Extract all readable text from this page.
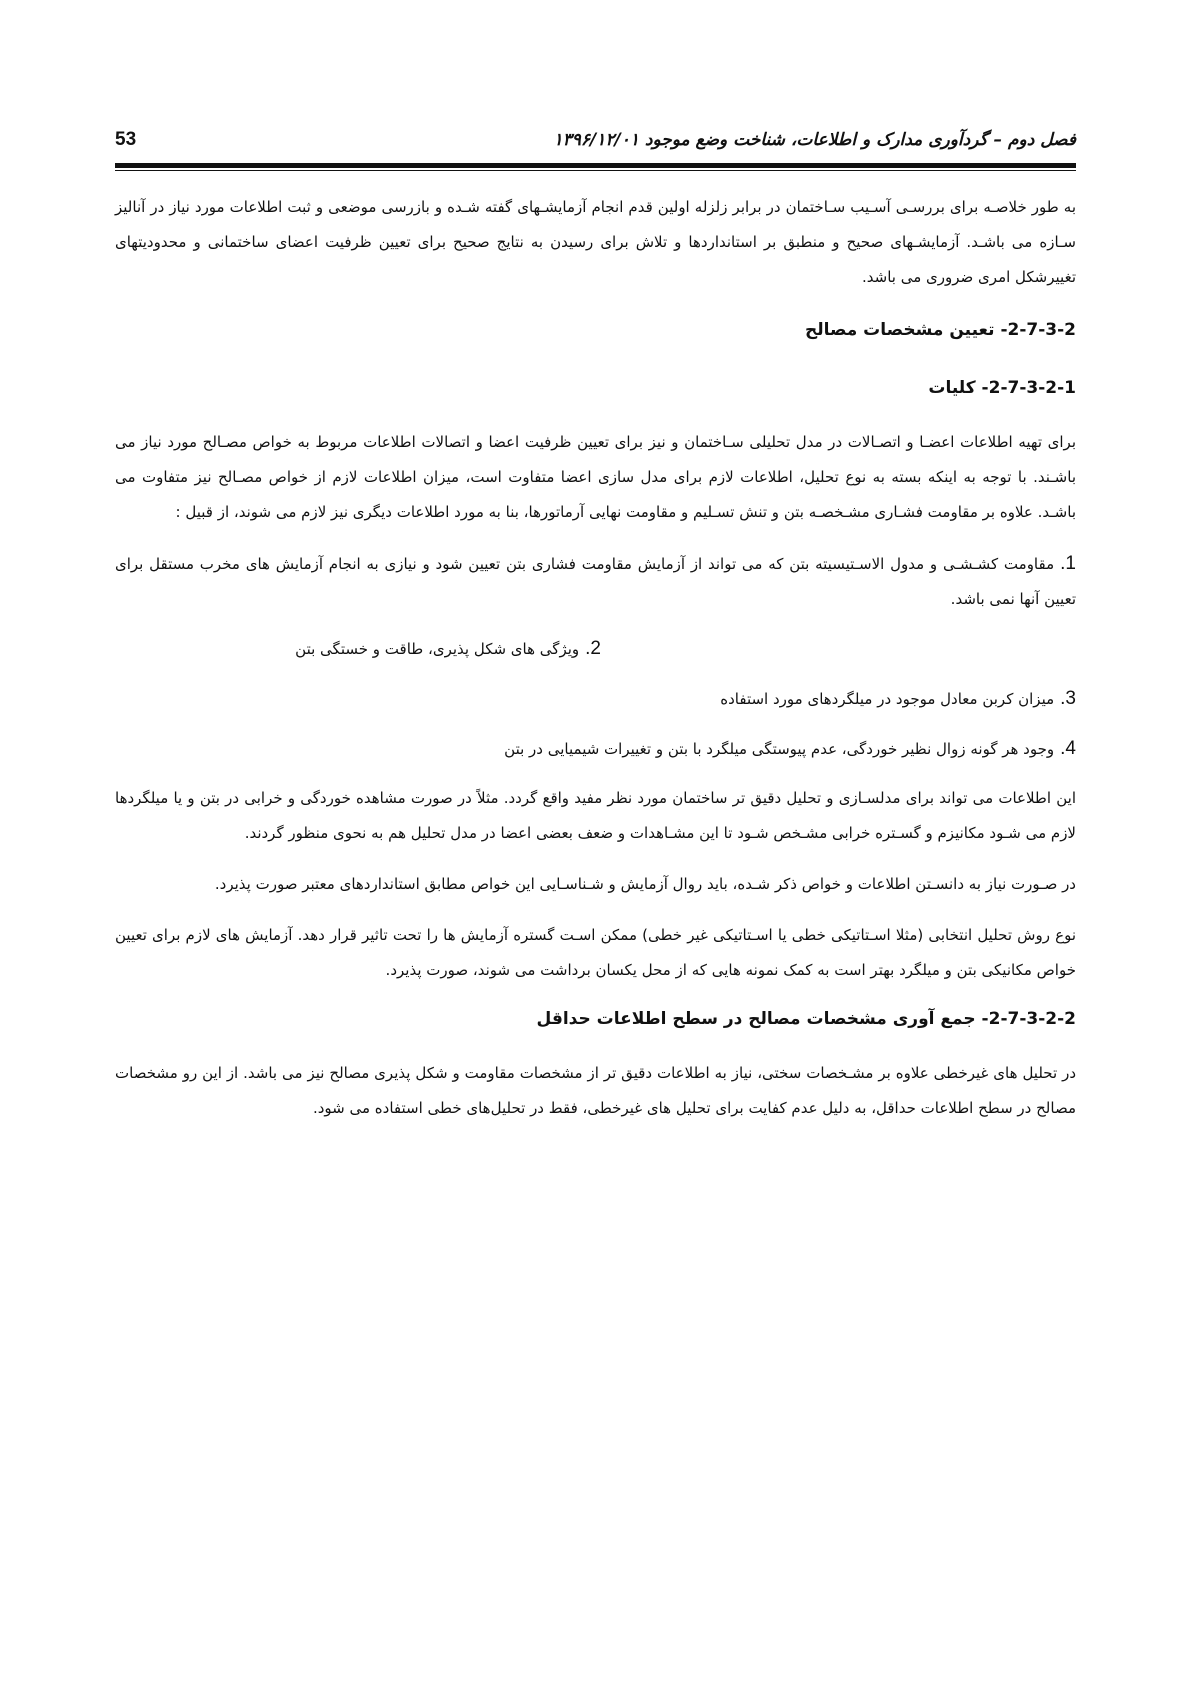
فصل دوم – گردآوری مدارک و اطلاعات، شناخت وضع موجود ۱۳۹۶/۱۲/۰۱
53

به طور خلاصـه برای بررسـی آسـیب سـاختمان در برابر زلزله اولین قدم انجام آزمایشـهای گفته شـده و بازرسی موضعی و ثبت اطلاعات مورد نیاز در آنالیز سـازه می باشـد. آزمایشـهای صحیح و منطبق بر استانداردها و تلاش برای رسیدن به نتایج صحیح برای تعیین ظرفیت اعضای ساختمانی و محدودیتهای تغییرشکل امری ضروری می باشد.

2-7-3-2- تعیین مشخصات مصالح
2-7-3-2-1- کلیات

برای تهیه اطلاعات اعضـا و اتصـالات در مدل تحلیلی سـاختمان و نیز برای تعیین ظرفیت اعضا و اتصالات اطلاعات مربوط به خواص مصـالح مورد نیاز می باشـند. با توجه به اینکه بسته به نوع تحلیل، اطلاعات لازم برای مدل سازی اعضا متفاوت است، میزان اطلاعات لازم از خواص مصـالح نیز متفاوت می باشـد. علاوه بر مقاومت فشـاری مشـخصـه بتن و تنش تسـلیم و مقاومت نهایی آرماتورها، بنا به مورد اطلاعات دیگری نیز لازم می شوند، از قبیل :

1.مقاومت کشـشـی و مدول الاسـتیسیته بتن که می تواند از آزمایش مقاومت فشاری بتن تعیین شود و نیازی به انجام آزمایش های مخرب مستقل برای تعیین آنها نمی باشد.
2.ویژگی های شکل پذیری، طاقت و خستگی بتن
3.میزان کربن معادل موجود در میلگردهای مورد استفاده
4.وجود هر گونه زوال نظیر خوردگی، عدم پیوستگی میلگرد با بتن و تغییرات شیمیایی در بتن

این اطلاعات می تواند برای مدلسـازی و تحلیل دقیق تر ساختمان مورد نظر مفید واقع گردد. مثلاً در صورت مشاهده خوردگی و خرابی در بتن و یا میلگردها لازم می شـود مکانیزم و گسـتره خرابی مشـخص شـود تا این مشـاهدات و ضعف بعضی اعضا در مدل تحلیل هم به نحوی منظور گردند.

در صـورت نیاز به دانسـتن اطلاعات و خواص ذکر شـده، باید روال آزمایش و شـناسـایی این خواص مطابق استانداردهای معتبر صورت پذیرد.

نوع روش تحلیل انتخابی (مثلا اسـتاتیکی خطی یا اسـتاتیکی غیر خطی) ممکن اسـت گستره آزمایش ها را تحت تاثیر قرار دهد. آزمایش های لازم برای تعیین خواص مکانیکی بتن و میلگرد بهتر است به کمک نمونه هایی که از محل یکسان برداشت می شوند، صورت پذیرد.

2-7-3-2-2- جمع آوری مشخصات مصالح در سطح اطلاعات حداقل

در تحلیل های غیرخطی علاوه بر مشـخصات سختی، نیاز به اطلاعات دقیق تر از مشخصات مقاومت و شکل پذیری مصالح نیز می باشد. از این رو مشخصات مصالح در سطح اطلاعات حداقل، به دلیل عدم کفایت برای تحلیل های غیرخطی، فقط در تحلیل‌های خطی استفاده می شود.
